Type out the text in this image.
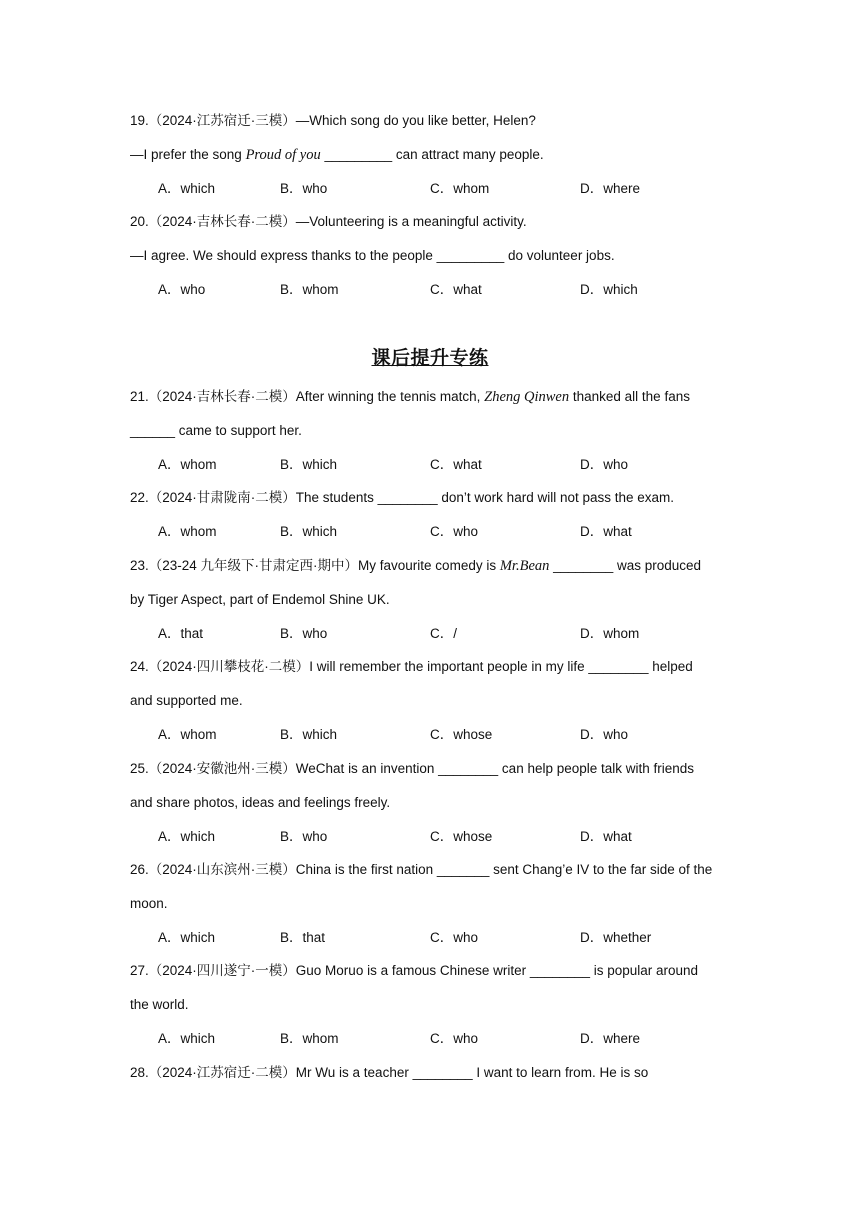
19.（2024·江苏宿迁·三模）—Which song do you like better, Helen?
—I prefer the song Proud of you _________ can attract many people.
A．which	B．who	C．whom	D．where
20.（2024·吉林长春·二模）—Volunteering is a meaningful activity.
—I agree. We should express thanks to the people _________ do volunteer jobs.
A．who	B．whom	C．what	D．which
课后提升专练
21.（2024·吉林长春·二模）After winning the tennis match, Zheng Qinwen thanked all the fans
______ came to support her.
A．whom	B．which	C．what	D．who
22.（2024·甘肃陇南·二模）The students ________ don’t work hard will not pass the exam.
A．whom	B．which	C．who	D．what
23.（23-24 九年级下·甘肃定西·期中）My favourite comedy is Mr.Bean ________ was produced
by Tiger Aspect, part of Endemol Shine UK.
A．that	B．who	C．/	D．whom
24.（2024·四川攀枝花·二模）I will remember the important people in my life ________ helped
and supported me.
A．whom	B．which	C．whose	D．who
25.（2024·安徽池州·三模）WeChat is an invention ________ can help people talk with friends
and share photos, ideas and feelings freely.
A．which	B．who	C．whose	D．what
26.（2024·山东滨州·三模）China is the first nation _______ sent Chang’e IV to the far side of the
moon.
A．which	B．that	C．who	D．whether
27.（2024·四川遂宁·一模）Guo Moruo is a famous Chinese writer ________ is popular around
the world.
A．which	B．whom	C．who	D．where
28.（2024·江苏宿迁·二模）Mr Wu is a teacher ________ I want to learn from. He is so
